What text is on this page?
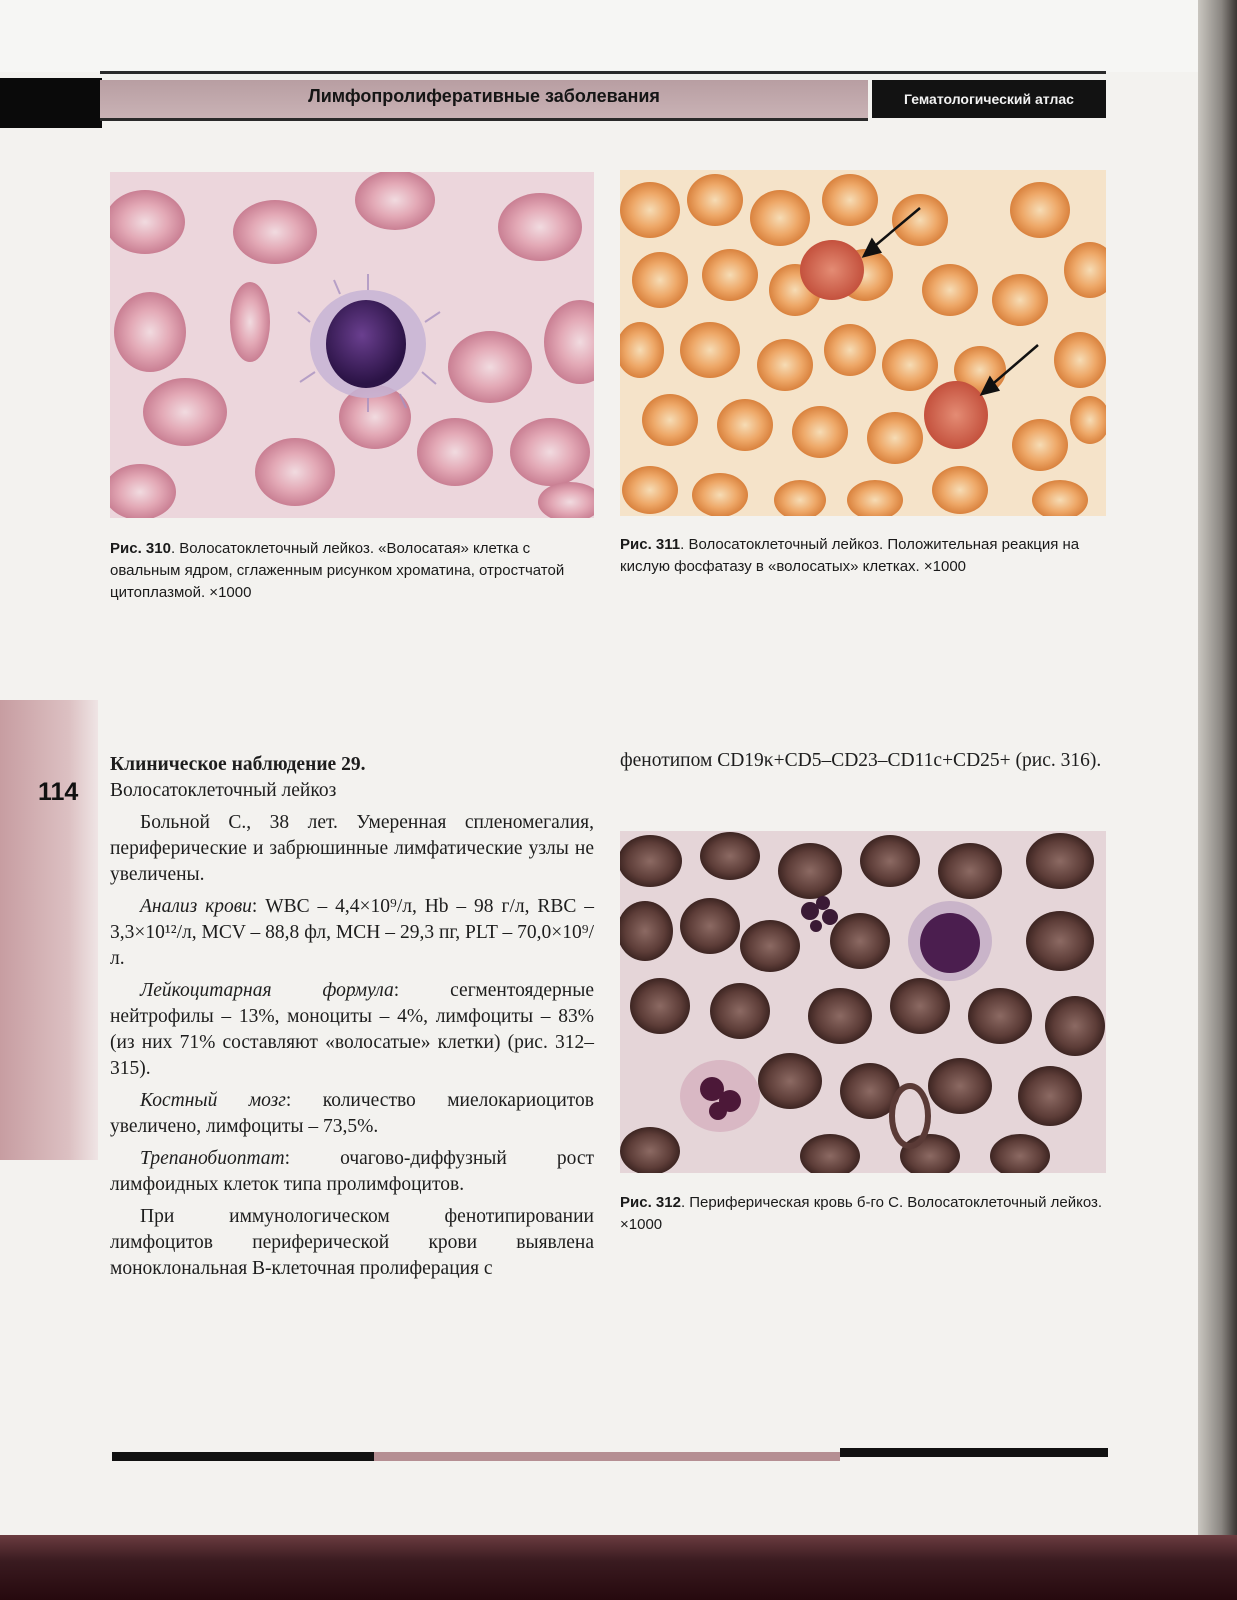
Лимфопролиферативные заболевания	Гематологический атлас
114
Рис. 310. Волосатоклеточный лейкоз. «Волосатая» клетка с овальным ядром, сглаженным рисунком хроматина, отростчатой цитоплазмой. ×1000
Рис. 311. Волосатоклеточный лейкоз. Положительная реакция на кислую фосфатазу в «волосатых» клетках. ×1000
Рис. 312. Периферическая кровь б-го С. Волосатоклеточный лейкоз. ×1000
Клиническое наблюдение 29.

Волосатоклеточный лейкоз

Больной С., 38 лет. Умеренная спленомегалия, периферические и забрюшинные лимфатические узлы не увеличены.

Анализ крови: WBC – 4,4×10⁹/л, Hb – 98 г/л, RBC – 3,3×10¹²/л, MCV – 88,8 фл, MCH – 29,3 пг, PLT – 70,0×10⁹/л.

Лейкоцитарная формула: сегментоядерные нейтрофилы – 13%, моноциты – 4%, лимфоциты – 83% (из них 71% составляют «волосатые» клетки) (рис. 312–315).

Костный мозг: количество миелокариоцитов увеличено, лимфоциты – 73,5%.

Трепанобиоптат: очагово-диффузный рост лимфоидных клеток типа пролимфоцитов.

При иммунологическом фенотипировании лимфоцитов периферической крови выявлена моноклональная В-клеточная пролиферация с

фенотипом CD19κ+CD5–CD23–CD11c+CD25+ (рис. 316).
